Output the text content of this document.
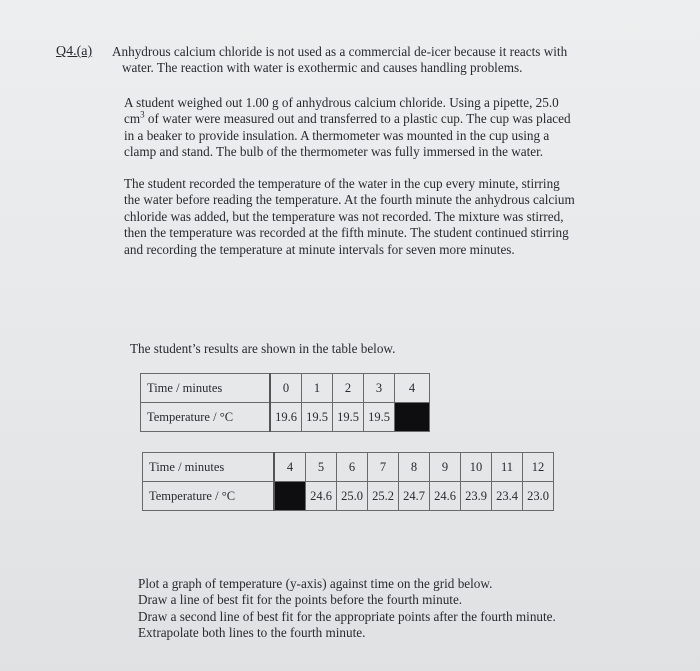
Q4.(a) Anhydrous calcium chloride is not used as a commercial de-icer because it reacts with
water. The reaction with water is exothermic and causes handling problems.
A student weighed out 1.00 g of anhydrous calcium chloride. Using a pipette, 25.0
$cm^3$ of water were measured out and transferred to a plastic cup. The cup was placed
in a beaker to provide insulation. A thermometer was mounted in the cup using a
clamp and stand. The bulb of the thermometer was fully immersed in the water.
The student recorded the temperature of the water in the cup every minute, stirring
the water before reading the temperature. At the fourth minute the anhydrous calcium
chloride was added, but the temperature was not recorded. The mixture was stirred,
then the temperature was recorded at the fifth minute. The student continued stirring
and recording the temperature at minute intervals for seven more minutes.
The student’s results are shown in the table below.
Time / minutes	0	1	2	3	4
Temperature / °C	19.6	19.5	19.5	19.5	
Time / minutes	4	5	6	7	8	9	10	11	12
Temperature / °C		24.6	25.0	25.2	24.7	24.6	23.9	23.4	23.0
Plot a graph of temperature (y-axis) against time on the grid below.
Draw a line of best fit for the points before the fourth minute.
Draw a second line of best fit for the appropriate points after the fourth minute.
Extrapolate both lines to the fourth minute.
